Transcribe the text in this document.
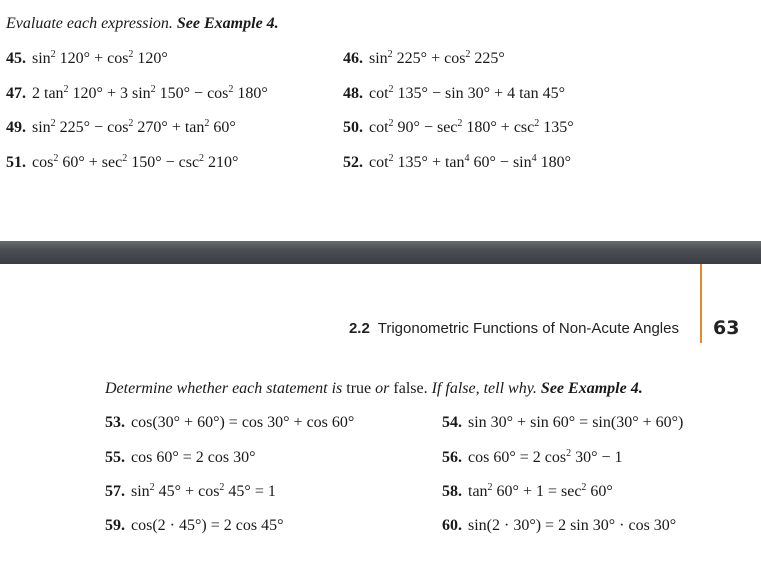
Evaluate each expression. See Example 4.
45. $\sin^2 120^\circ + \cos^2 120^\circ$	46. $\sin^2 225^\circ + \cos^2 225^\circ$
47. 2 $\tan^2 120^\circ + 3$ $\sin^2 150^\circ - \cos^2 180^\circ$	48. $\cot^2 135^\circ - \sin 30^\circ + 4$ tan 45°
49. $\sin^2 225^\circ - \cos^2 270^\circ + \tan^2 60^\circ$	50. $\cot^2 90^\circ - \sec^2 180^\circ + \csc^2 135^\circ$
51. $\cos^2 60^\circ + \sec^2 150^\circ - \csc^2 210^\circ$	52. $\cot^2 135^\circ + \tan^4 60^\circ - \sin^4 180^\circ$
2.2 Trigonometric Functions of Non-Acute Angles 63
Determine whether each statement is true or false. If false, tell why. See Example 4.
53. cos(30° + 60°) = cos 30° + cos 60°	54. sin 30° + sin 60° = sin(30° + 60°)
55. cos 60° = 2 cos 30°	56. cos 60° = 2 $\cos^2 30^\circ - 1$
57. $\sin^2 45^\circ + \cos^2 45^\circ = 1$	58. $\tan^2 60^\circ + 1 = \sec^2 60^\circ$
59. cos(2 · 45°) = 2 cos 45°	60. sin(2 · 30°) = 2 sin 30° · cos 30°
